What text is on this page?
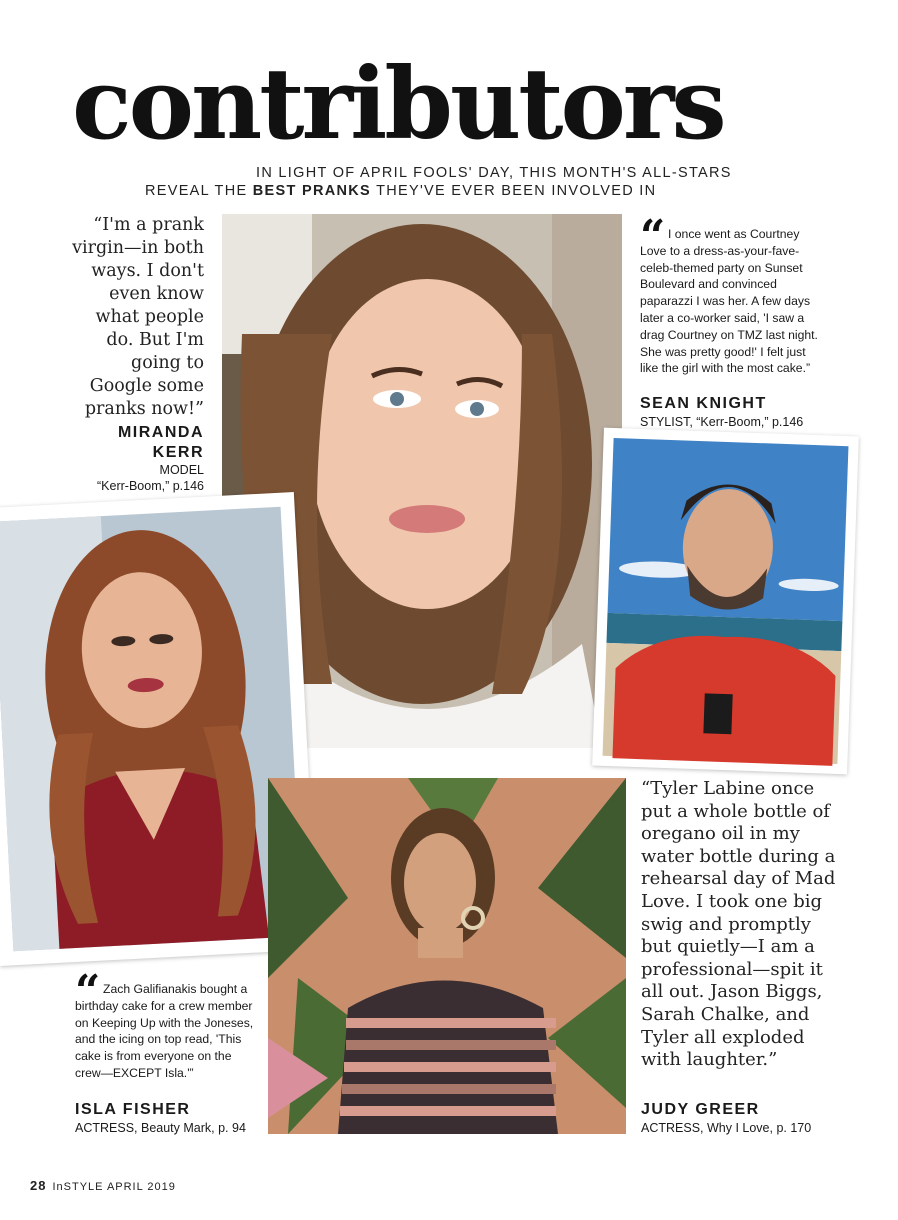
contributors
IN LIGHT OF APRIL FOOLS' DAY, THIS MONTH'S ALL-STARS
REVEAL THE BEST PRANKS THEY'VE EVER BEEN INVOLVED IN
“I'm a prank virgin—in both ways. I don't even know what people do. But I'm going to Google some pranks now!”
MIRANDA
KERR
MODEL
“Kerr-Boom,” p.146
“ I once went as Courtney Love to a dress-as-your-fave-celeb-themed party on Sunset Boulevard and convinced paparazzi I was her. A few days later a co-worker said, 'I saw a drag Courtney on TMZ last night. She was pretty good!' I felt just like the girl with the most cake.”
SEAN KNIGHT
STYLIST, “Kerr-Boom,” p.146
“ Zach Galifianakis bought a birthday cake for a crew member on Keeping Up with the Joneses, and the icing on top read, 'This cake is from everyone on the crew—EXCEPT Isla.'”
ISLA FISHER
ACTRESS, Beauty Mark, p. 94
“Tyler Labine once put a whole bottle of oregano oil in my water bottle during a rehearsal day of Mad Love. I took one big swig and promptly but quietly—I am a professional—spit it all out. Jason Biggs, Sarah Chalke, and Tyler all exploded with laughter.”
JUDY GREER
ACTRESS, Why I Love, p. 170
28 InSTYLE APRIL 2019
